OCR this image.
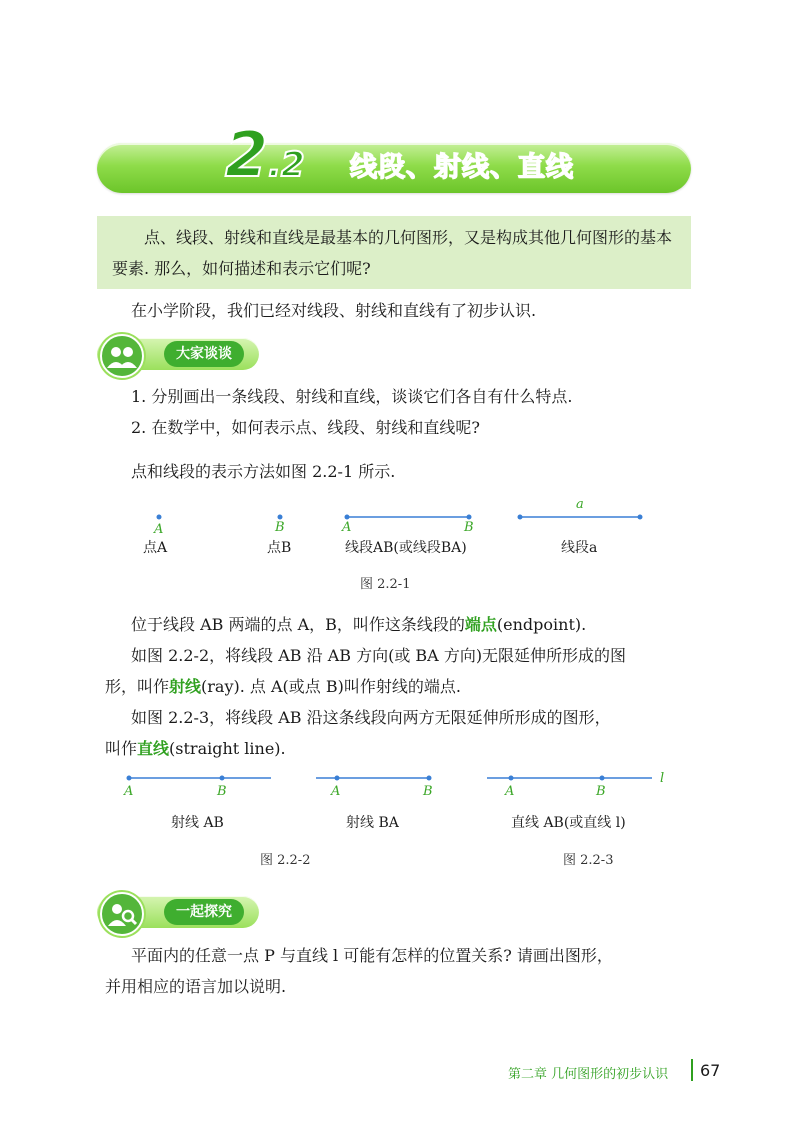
2.2	线段、射线、直线
点、线段、射线和直线是最基本的几何图形，又是构成其他几何图形的基本要素. 那么，如何描述和表示它们呢?
在小学阶段，我们已经对线段、射线和直线有了初步认识.
大家谈谈
1. 分别画出一条线段、射线和直线，谈谈它们各自有什么特点.
2. 在数学中，如何表示点、线段、射线和直线呢?
点和线段的表示方法如图 2.2-1 所示.
A
点A
B
点B
A	B
线段AB(或线段BA)
a
线段a
图 2.2-1
位于线段 AB 两端的点 A，B，叫作这条线段的端点(endpoint).
如图 2.2-2，将线段 AB 沿 AB 方向(或 BA 方向)无限延伸所形成的图
形，叫作射线(ray). 点 A(或点 B)叫作射线的端点.
如图 2.2-3，将线段 AB 沿这条线段向两方无限延伸所形成的图形，
叫作直线(straight line).
A	B
射线 AB
A	B
射线 BA
A	B
l
直线 AB(或直线 l)
图 2.2-2	图 2.2-3
一起探究
平面内的任意一点 P 与直线 l 可能有怎样的位置关系? 请画出图形，
并用相应的语言加以说明.
第二章 几何图形的初步认识 67
